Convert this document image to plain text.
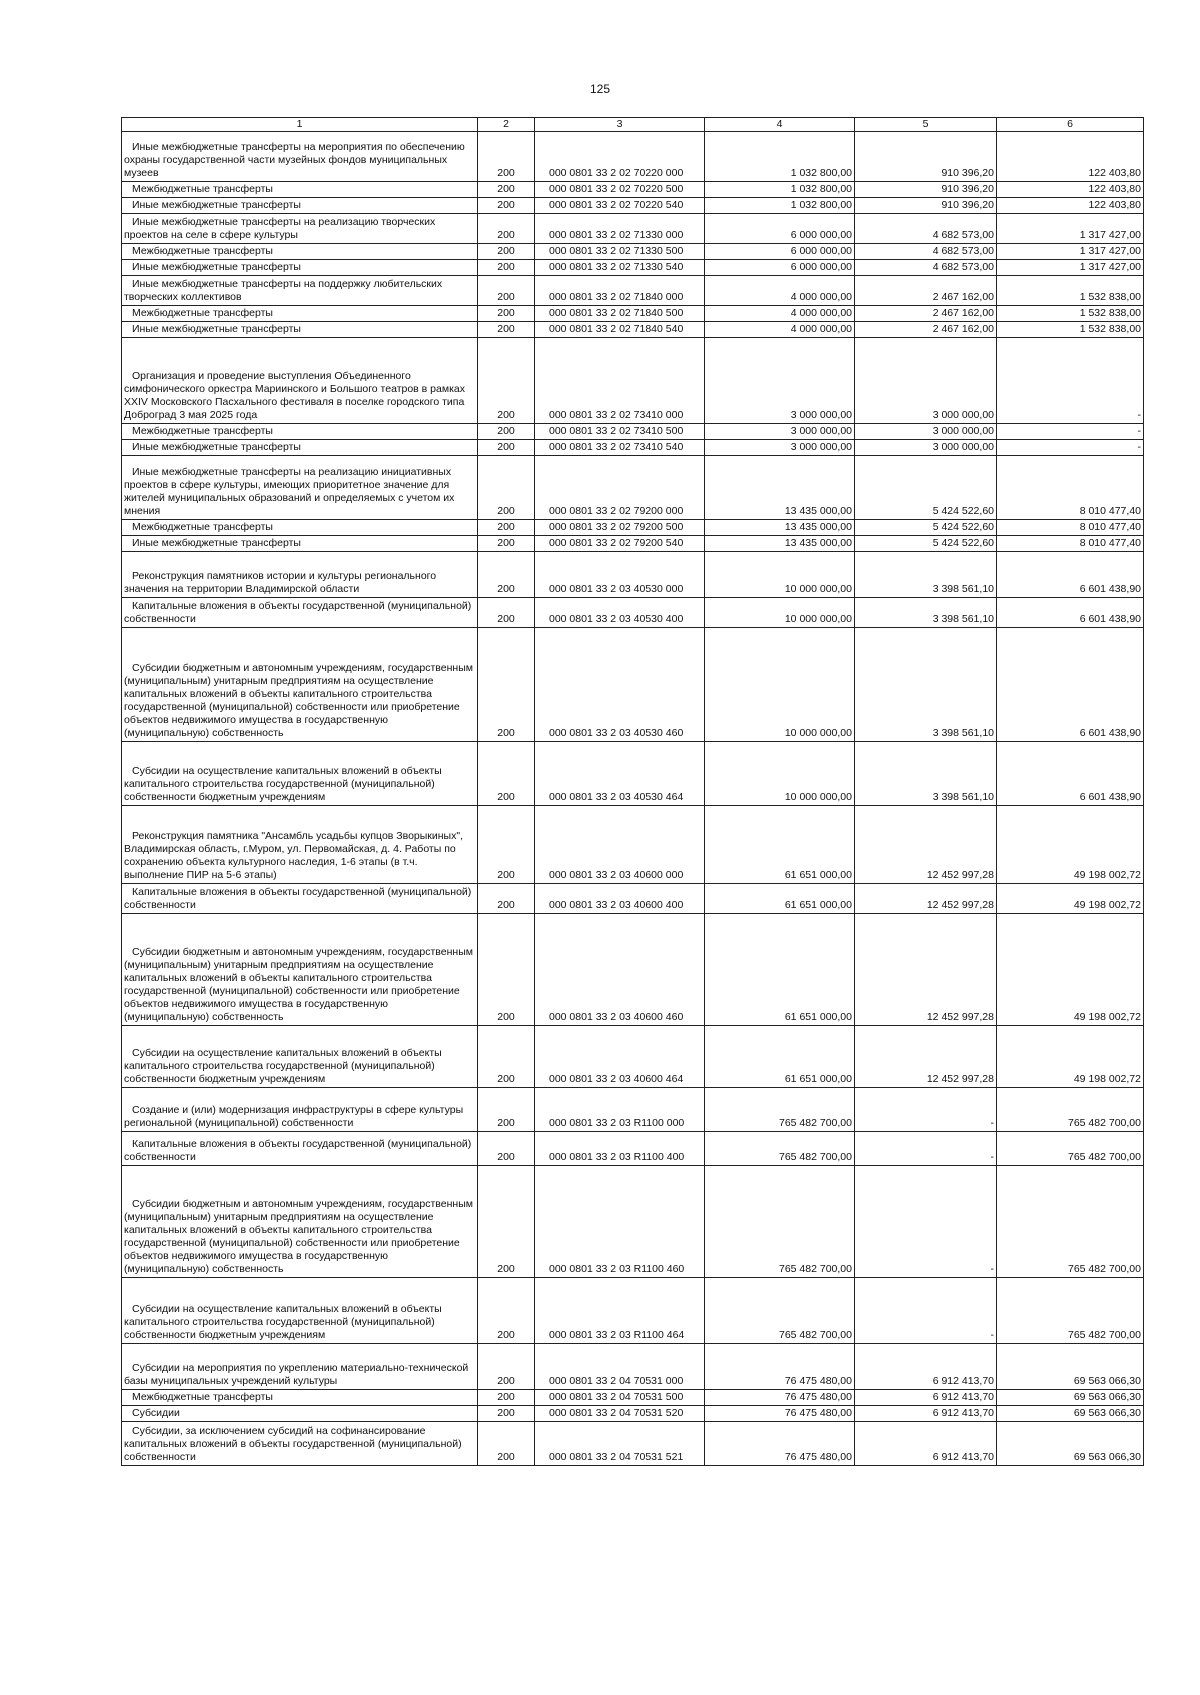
125
1	2	3	4	5	6

Иные межбюджетные трансферты на мероприятия по обеспечению охраны государственной части музейных фондов муниципальных музеев	200	000 0801 33 2 02 70220 000	1 032 800,00	910 396,20	122 403,80

Межбюджетные трансферты	200	000 0801 33 2 02 70220 500	1 032 800,00	910 396,20	122 403,80

Иные межбюджетные трансферты	200	000 0801 33 2 02 70220 540	1 032 800,00	910 396,20	122 403,80

Иные межбюджетные трансферты на реализацию творческих проектов на селе в сфере культуры	200	000 0801 33 2 02 71330 000	6 000 000,00	4 682 573,00	1 317 427,00

Межбюджетные трансферты	200	000 0801 33 2 02 71330 500	6 000 000,00	4 682 573,00	1 317 427,00

Иные межбюджетные трансферты	200	000 0801 33 2 02 71330 540	6 000 000,00	4 682 573,00	1 317 427,00

Иные межбюджетные трансферты на поддержку любительских творческих коллективов	200	000 0801 33 2 02 71840 000	4 000 000,00	2 467 162,00	1 532 838,00

Межбюджетные трансферты	200	000 0801 33 2 02 71840 500	4 000 000,00	2 467 162,00	1 532 838,00

Иные межбюджетные трансферты	200	000 0801 33 2 02 71840 540	4 000 000,00	2 467 162,00	1 532 838,00

Организация и проведение выступления Объединенного симфонического оркестра Мариинского и Большого театров в рамках XXIV Московского Пасхального фестиваля в поселке городского типа Доброград 3 мая 2025 года	200	000 0801 33 2 02 73410 000	3 000 000,00	3 000 000,00	-

Межбюджетные трансферты	200	000 0801 33 2 02 73410 500	3 000 000,00	3 000 000,00	-

Иные межбюджетные трансферты	200	000 0801 33 2 02 73410 540	3 000 000,00	3 000 000,00	-

Иные межбюджетные трансферты на реализацию инициативных проектов в сфере культуры, имеющих приоритетное значение для жителей муниципальных образований и определяемых с учетом их мнения	200	000 0801 33 2 02 79200 000	13 435 000,00	5 424 522,60	8 010 477,40

Межбюджетные трансферты	200	000 0801 33 2 02 79200 500	13 435 000,00	5 424 522,60	8 010 477,40

Иные межбюджетные трансферты	200	000 0801 33 2 02 79200 540	13 435 000,00	5 424 522,60	8 010 477,40

Реконструкция памятников истории и культуры регионального значения на территории Владимирской области	200	000 0801 33 2 03 40530 000	10 000 000,00	3 398 561,10	6 601 438,90

Капитальные вложения в объекты государственной (муниципальной) собственности	200	000 0801 33 2 03 40530 400	10 000 000,00	3 398 561,10	6 601 438,90

Субсидии бюджетным и автономным учреждениям, государственным (муниципальным) унитарным предприятиям на осуществление капитальных вложений в объекты капитального строительства государственной (муниципальной) собственности или приобретение объектов недвижимого имущества в государственную (муниципальную) собственность	200	000 0801 33 2 03 40530 460	10 000 000,00	3 398 561,10	6 601 438,90

Субсидии на осуществление капитальных вложений в объекты капитального строительства государственной (муниципальной) собственности бюджетным учреждениям	200	000 0801 33 2 03 40530 464	10 000 000,00	3 398 561,10	6 601 438,90

Реконструкция памятника "Ансамбль усадьбы купцов Зворыкиных", Владимирская область, г.Муром, ул. Первомайская, д. 4. Работы по сохранению объекта культурного наследия, 1-6 этапы (в т.ч. выполнение ПИР на 5-6 этапы)	200	000 0801 33 2 03 40600 000	61 651 000,00	12 452 997,28	49 198 002,72

Капитальные вложения в объекты государственной (муниципальной) собственности	200	000 0801 33 2 03 40600 400	61 651 000,00	12 452 997,28	49 198 002,72

Субсидии бюджетным и автономным учреждениям, государственным (муниципальным) унитарным предприятиям на осуществление капитальных вложений в объекты капитального строительства государственной (муниципальной) собственности или приобретение объектов недвижимого имущества в государственную (муниципальную) собственность	200	000 0801 33 2 03 40600 460	61 651 000,00	12 452 997,28	49 198 002,72

Субсидии на осуществление капитальных вложений в объекты капитального строительства государственной (муниципальной) собственности бюджетным учреждениям	200	000 0801 33 2 03 40600 464	61 651 000,00	12 452 997,28	49 198 002,72

Создание и (или) модернизация инфраструктуры в сфере культуры региональной (муниципальной) собственности	200	000 0801 33 2 03 R1100 000	765 482 700,00	-	765 482 700,00

Капитальные вложения в объекты государственной (муниципальной) собственности	200	000 0801 33 2 03 R1100 400	765 482 700,00	-	765 482 700,00

Субсидии бюджетным и автономным учреждениям, государственным (муниципальным) унитарным предприятиям на осуществление капитальных вложений в объекты капитального строительства государственной (муниципальной) собственности или приобретение объектов недвижимого имущества в государственную (муниципальную) собственность	200	000 0801 33 2 03 R1100 460	765 482 700,00	-	765 482 700,00

Субсидии на осуществление капитальных вложений в объекты капитального строительства государственной (муниципальной) собственности бюджетным учреждениям	200	000 0801 33 2 03 R1100 464	765 482 700,00	-	765 482 700,00

Субсидии на мероприятия по укреплению материально-технической базы муниципальных учреждений культуры	200	000 0801 33 2 04 70531 000	76 475 480,00	6 912 413,70	69 563 066,30

Межбюджетные трансферты	200	000 0801 33 2 04 70531 500	76 475 480,00	6 912 413,70	69 563 066,30

Субсидии	200	000 0801 33 2 04 70531 520	76 475 480,00	6 912 413,70	69 563 066,30

Субсидии, за исключением субсидий на софинансирование капитальных вложений в объекты государственной (муниципальной) собственности	200	000 0801 33 2 04 70531 521	76 475 480,00	6 912 413,70	69 563 066,30
